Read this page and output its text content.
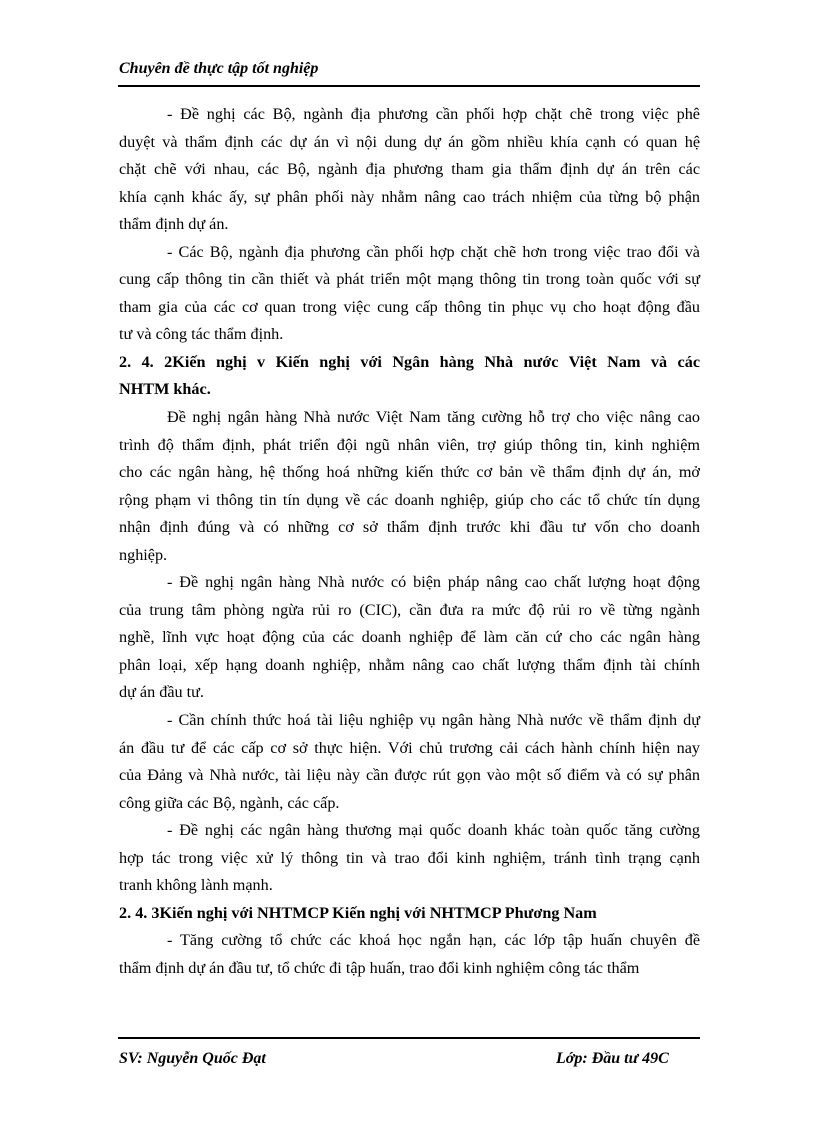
Chuyên đề thực tập tốt nghiệp
- Đề nghị các Bộ, ngành địa phương cần phối hợp chặt chẽ trong việc phê
duyệt và thẩm định các dự án vì nội dung dự án gồm nhiều khía cạnh có quan hệ
chặt chẽ với nhau, các Bộ, ngành địa phương tham gia thẩm định dự án trên các
khía cạnh khác ấy, sự phân phối này nhằm nâng cao trách nhiệm của từng bộ phận
thẩm định dự án.
- Các Bộ, ngành địa phương cần phối hợp chặt chẽ hơn trong việc trao đổi và
cung cấp thông tin cần thiết và phát triển một mạng thông tin trong toàn quốc với sự
tham gia của các cơ quan trong việc cung cấp thông tin phục vụ cho hoạt động đầu
tư và công tác thẩm định.
2. 4. 2Kiến nghị v Kiến nghị với Ngân hàng Nhà nước Việt Nam và các
NHTM khác.
Đề nghị ngân hàng Nhà nước Việt Nam tăng cường hỗ trợ cho việc nâng cao
trình độ thẩm định, phát triển đội ngũ nhân viên, trợ giúp thông tin, kinh nghiệm
cho các ngân hàng, hệ thống hoá những kiến thức cơ bản về thẩm định dự án, mở
rộng phạm vi thông tin tín dụng về các doanh nghiệp, giúp cho các tổ chức tín dụng
nhận định đúng và có những cơ sở thẩm định trước khi đầu tư vốn cho doanh
nghiệp.
- Đề nghị ngân hàng Nhà nước có biện pháp nâng cao chất lượng hoạt động
của trung tâm phòng ngừa rủi ro (CIC), cần đưa ra mức độ rủi ro về từng ngành
nghề, lĩnh vực hoạt động của các doanh nghiệp để làm căn cứ cho các ngân hàng
phân loại, xếp hạng doanh nghiệp, nhằm nâng cao chất lượng thẩm định tài chính
dự án đầu tư.
- Cần chính thức hoá tài liệu nghiệp vụ ngân hàng Nhà nước về thẩm định dự
án đầu tư để các cấp cơ sở thực hiện. Với chủ trương cải cách hành chính hiện nay
của Đảng và Nhà nước, tài liệu này cần được rút gọn vào một số điểm và có sự phân
công giữa các Bộ, ngành, các cấp.
- Đề nghị các ngân hàng thương mại quốc doanh khác toàn quốc tăng cường
hợp tác trong việc xử lý thông tin và trao đổi kinh nghiệm, tránh tình trạng cạnh
tranh không lành mạnh.
2. 4. 3Kiến nghị với NHTMCP Kiến nghị với NHTMCP Phương Nam
- Tăng cường tổ chức các khoá học ngắn hạn, các lớp tập huấn chuyên đề
thẩm định dự án đầu tư, tổ chức đi tập huấn, trao đổi kinh nghiệm công tác thẩm
SV: Nguyễn Quốc Đạt	Lớp: Đầu tư 49C
